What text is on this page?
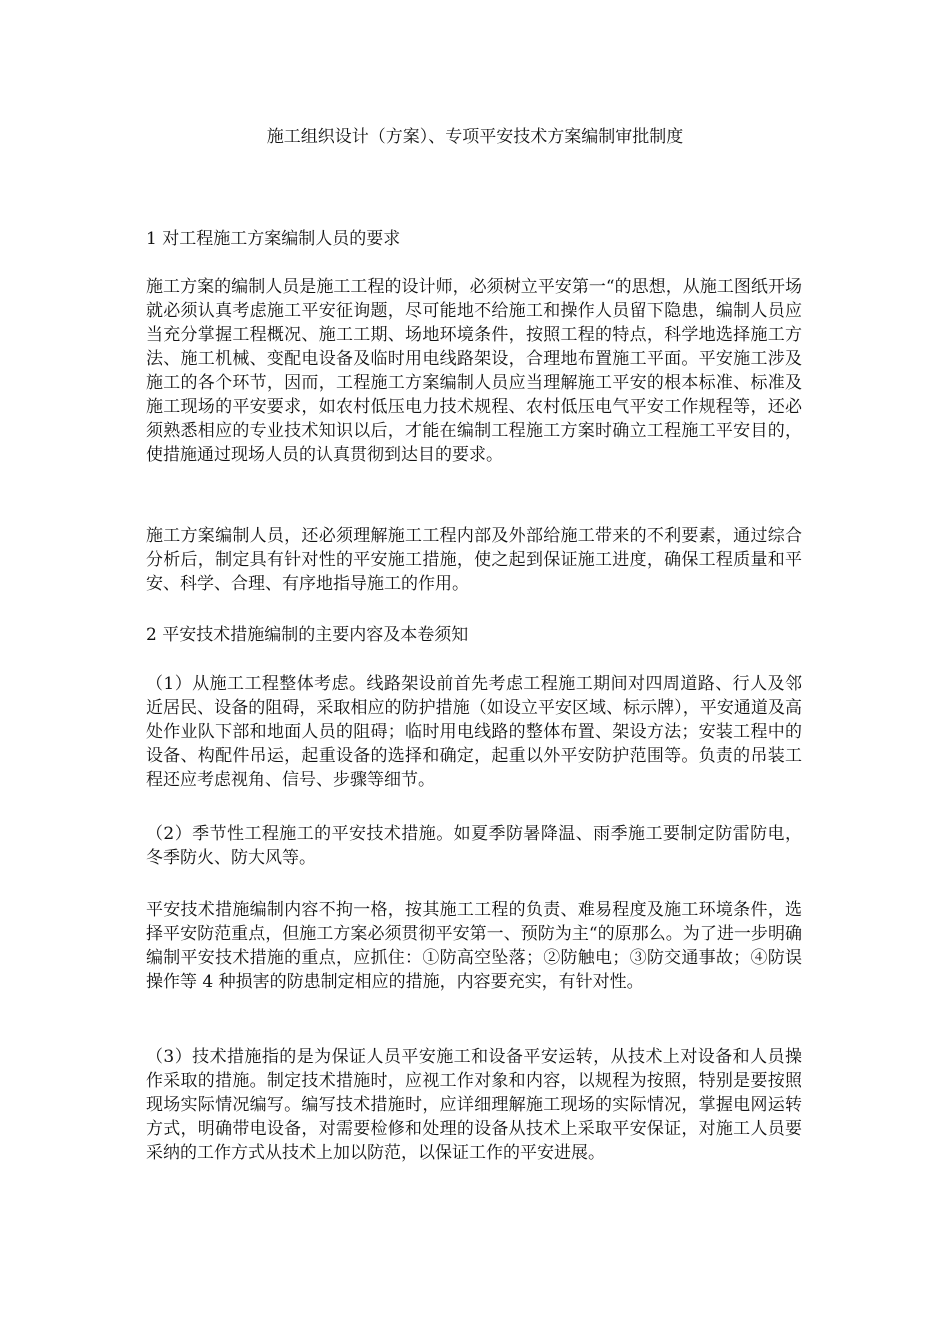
施工组织设计（方案）、专项平安技术方案编制审批制度

1 对工程施工方案编制人员的要求

施工方案的编制人员是施工工程的设计师，必须树立平安第一“的思想，从施工图纸开场就必须认真考虑施工平安征询题，尽可能地不给施工和操作人员留下隐患，编制人员应当充分掌握工程概况、施工工期、场地环境条件，按照工程的特点，科学地选择施工方法、施工机械、变配电设备及临时用电线路架设，合理地布置施工平面。平安施工涉及施工的各个环节，因而，工程施工方案编制人员应当理解施工平安的根本标准、标准及施工现场的平安要求，如农村低压电力技术规程、农村低压电气平安工作规程等，还必须熟悉相应的专业技术知识以后，才能在编制工程施工方案时确立工程施工平安目的，使措施通过现场人员的认真贯彻到达目的要求。

施工方案编制人员，还必须理解施工工程内部及外部给施工带来的不利要素，通过综合分析后，制定具有针对性的平安施工措施，使之起到保证施工进度，确保工程质量和平安、科学、合理、有序地指导施工的作用。

2 平安技术措施编制的主要内容及本卷须知

（1）从施工工程整体考虑。线路架设前首先考虑工程施工期间对四周道路、行人及邻近居民、设备的阻碍，采取相应的防护措施（如设立平安区域、标示牌），平安通道及高处作业队下部和地面人员的阻碍；临时用电线路的整体布置、架设方法；安装工程中的设备、构配件吊运，起重设备的选择和确定，起重以外平安防护范围等。负责的吊装工程还应考虑视角、信号、步骤等细节。

（2）季节性工程施工的平安技术措施。如夏季防暑降温、雨季施工要制定防雷防电，冬季防火、防大风等。

平安技术措施编制内容不拘一格，按其施工工程的负责、难易程度及施工环境条件，选择平安防范重点，但施工方案必须贯彻平安第一、预防为主“的原那么。为了进一步明确编制平安技术措施的重点，应抓住：①防高空坠落；②防触电；③防交通事故；④防误操作等 4 种损害的防患制定相应的措施，内容要充实，有针对性。

（3）技术措施指的是为保证人员平安施工和设备平安运转，从技术上对设备和人员操作采取的措施。制定技术措施时，应视工作对象和内容，以规程为按照，特别是要按照现场实际情况编写。编写技术措施时，应详细理解施工现场的实际情况，掌握电网运转方式，明确带电设备，对需要检修和处理的设备从技术上采取平安保证，对施工人员要采纳的工作方式从技术上加以防范，以保证工作的平安进展。
